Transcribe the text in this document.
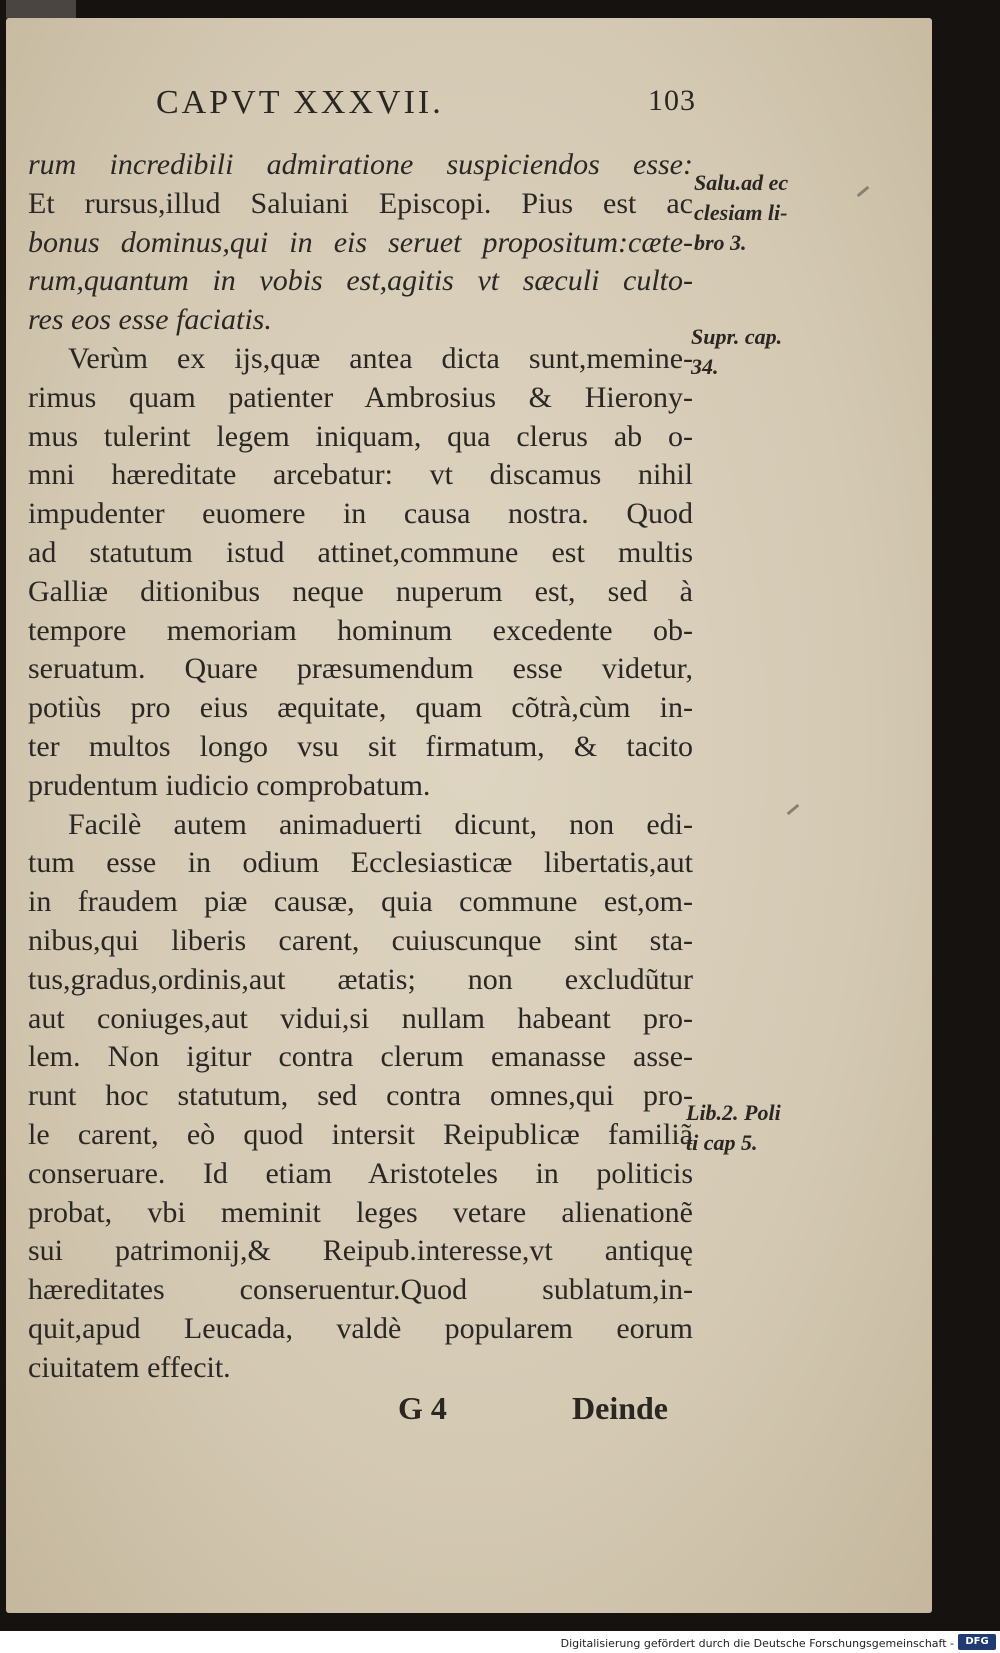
CAPVT XXXVII.	103
rum incredibili admiratione suspiciendos esse:
Et rursus,illud Saluiani Episcopi. Pius est ac
bonus dominus,qui in eis seruet propositum:cæte-
rum,quantum in vobis est,agitis vt sæculi culto-
res eos esse faciatis.
Verùm ex ijs,quæ antea dicta sunt,memine-
rimus quam patienter Ambrosius & Hierony-
mus tulerint legem iniquam, qua clerus ab o-
mni hæreditate arcebatur: vt discamus nihil
impudenter euomere in causa nostra. Quod
ad statutum istud attinet,commune est multis
Galliæ ditionibus neque nuperum est, sed à
tempore memoriam hominum excedente ob-
seruatum. Quare præsumendum esse videtur,
potiùs pro eius æquitate, quam cõtrà,cùm in-
ter multos longo vsu sit firmatum, & tacito
prudentum iudicio comprobatum.
Facilè autem animaduerti dicunt, non edi-
tum esse in odium Ecclesiasticæ libertatis,aut
in fraudem piæ causæ, quia commune est,om-
nibus,qui liberis carent, cuiuscunque sint sta-
tus,gradus,ordinis,aut ætatis; non excludũtur
aut coniuges,aut vidui,si nullam habeant pro-
lem. Non igitur contra clerum emanasse asse-
runt hoc statutum, sed contra omnes,qui pro-
le carent, eò quod intersit Reipublicæ familiã
conseruare. Id etiam Aristoteles in politicis
probat, vbi meminit leges vetare alienationẽ
sui patrimonij,& Reipub.interesse,vt antiquę
hæreditates conseruentur.Quod sublatum,in-
quit,apud Leucada, valdè popularem eorum
ciuitatem effecit.
Salu.ad ec
clesiam li-
bro 3.
Supr. cap.
34.
Lib.2. Poli
ti cap 5.
G 4	Deinde
Digitalisierung gefördert durch die Deutsche Forschungsgemeinschaft -	DFG
